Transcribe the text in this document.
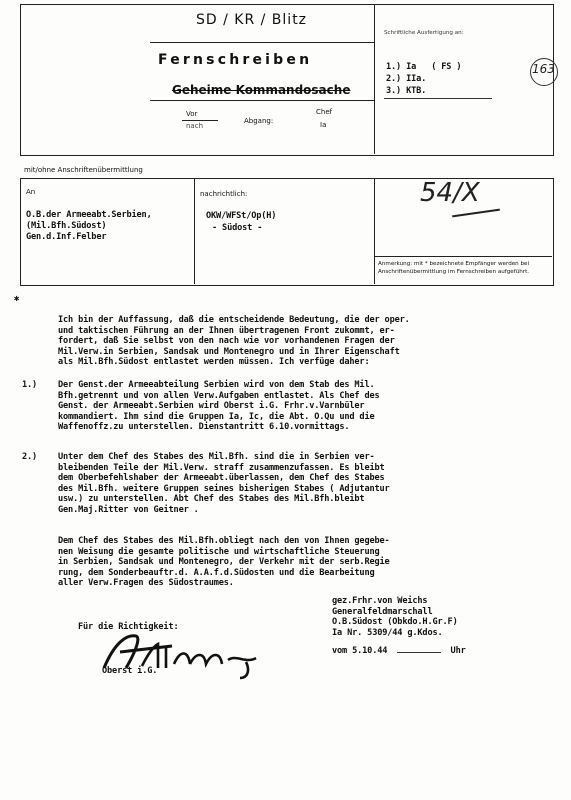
SD / KR / Blitz
Schriftliche Ausfertigung an:
163
Fernschreiben
Geheime Kommandosache
Vor
nach
Abgang:
Chef
Ia
1.) Ia   ( FS )
2.) IIa.
3.) KTB.
mit/ohne Anschriftenübermittlung
An
O.B.der Armeeabt.Serbien,
(Mil.Bfh.Südost)
Gen.d.Inf.Felber
nachrichtlich:
OKW/WFSt/Op(H)
- Südost -
54/X
Anmerkung: mit * bezeichnete Empfänger werden bei Anschriftenübermittlung im Fernschreiben aufgeführt.
✱
Ich bin der Auffassung, daß die entscheidende Bedeutung, die der oper.
und taktischen Führung an der Ihnen übertragenen Front zukommt, er-
fordert, daß Sie selbst von den nach wie vor vorhandenen Fragen der
Mil.Verw.in Serbien, Sandsak und Montenegro und in Ihrer Eigenschaft
als Mil.Bfh.Südost entlastet werden müssen. Ich verfüge daher:
1.) Der Genst.der Armeeabteilung Serbien wird von dem Stab des Mil.
Bfh.getrennt und von allen Verw.Aufgaben entlastet. Als Chef des
Genst. der Armeeabt.Serbien wird Oberst i.G. Frhr.v.Varnbüler
kommandiert. Ihm sind die Gruppen Ia, Ic, die Abt. O.Qu und die
Waffenoffz.zu unterstellen. Dienstantritt 6.10.vormittags.
2.) Unter dem Chef des Stabes des Mil.Bfh. sind die in Serbien ver-
bleibenden Teile der Mil.Verw. straff zusammenzufassen. Es bleibt
dem Oberbefehlshaber der Armeeabt.überlassen, dem Chef des Stabes
des Mil.Bfh. weitere Gruppen seines bisherigen Stabes ( Adjutantur
usw.) zu unterstellen. Abt Chef des Stabes des Mil.Bfh.bleibt
Gen.Maj.Ritter von Geitner .
Dem Chef des Stabes des Mil.Bfh.obliegt nach den von Ihnen gegebe-
nen Weisung die gesamte politische und wirtschaftliche Steuerung
in Serbien, Sandsak und Montenegro, der Verkehr mit der serb.Regie
rung, dem Sonderbeauftr.d. A.A.f.d.Südosten und die Bearbeitung
aller Verw.Fragen des Südostraumes.
gez.Frhr.von Weichs
Generalfeldmarschall
O.B.Südost (Obkdo.H.Gr.F)
Ia Nr. 5309/44 g.Kdos.
vom 5.10.44	Uhr
Für die Richtigkeit:
Oberst i.G.
